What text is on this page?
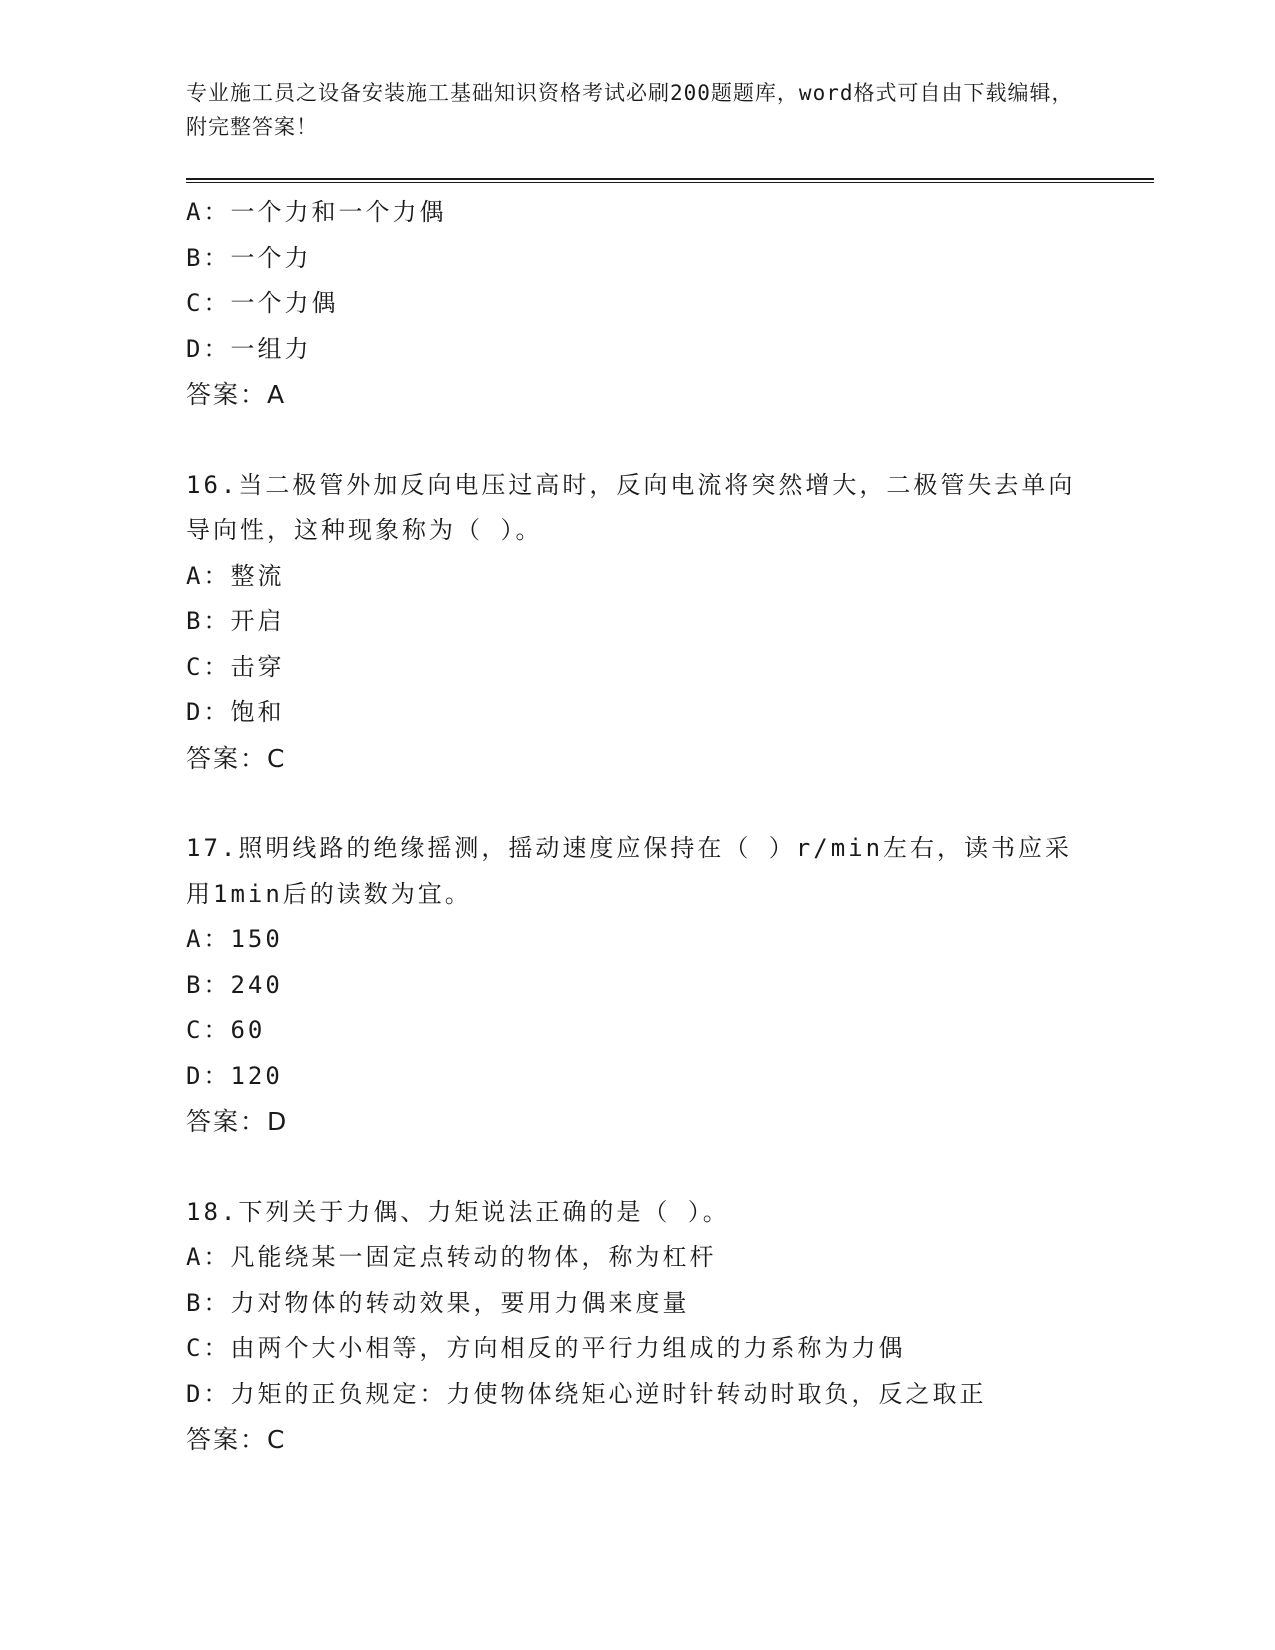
专业施工员之设备安装施工基础知识资格考试必刷200题题库，word格式可自由下载编辑，附完整答案！
A：一个力和一个力偶
B：一个力
C：一个力偶
D：一组力
答案：A
16.当二极管外加反向电压过高时，反向电流将突然增大，二极管失去单向导向性，这种现象称为（ ）。
A：整流
B：开启
C：击穿
D：饱和
答案：C
17.照明线路的绝缘摇测，摇动速度应保持在（ ）r/min左右，读书应采用1min后的读数为宜。
A：150
B：240
C：60
D：120
答案：D
18.下列关于力偶、力矩说法正确的是（ ）。
A：凡能绕某一固定点转动的物体，称为杠杆
B：力对物体的转动效果，要用力偶来度量
C：由两个大小相等，方向相反的平行力组成的力系称为力偶
D：力矩的正负规定：力使物体绕矩心逆时针转动时取负，反之取正
答案：C
